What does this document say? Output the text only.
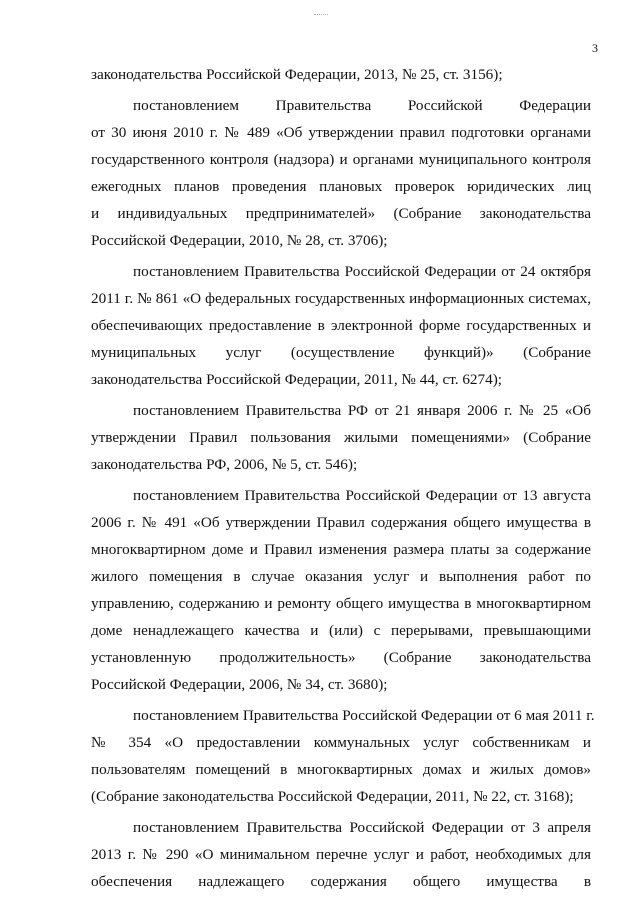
3
законодательства Российской Федерации, 2013, № 25, ст. 3156);
постановлением Правительства Российской Федерации
от 30 июня 2010 г. № 489 «Об утверждении правил подготовки органами
государственного контроля (надзора) и органами муниципального контроля
ежегодных планов проведения плановых проверок юридических лиц
и индивидуальных предпринимателей» (Собрание законодательства
Российской Федерации, 2010, № 28, ст. 3706);
постановлением Правительства Российской Федерации от 24 октября
2011 г. № 861 «О федеральных государственных информационных системах,
обеспечивающих предоставление в электронной форме государственных и
муниципальных услуг (осуществление функций)» (Собрание
законодательства Российской Федерации, 2011, № 44, ст. 6274);
постановлением Правительства РФ от 21 января 2006 г. № 25 «Об
утверждении Правил пользования жилыми помещениями» (Собрание
законодательства РФ, 2006, № 5, ст. 546);
постановлением Правительства Российской Федерации от 13 августа
2006 г. № 491 «Об утверждении Правил содержания общего имущества в
многоквартирном доме и Правил изменения размера платы за содержание
жилого помещения в случае оказания услуг и выполнения работ по
управлению, содержанию и ремонту общего имущества в многоквартирном
доме ненадлежащего качества и (или) с перерывами, превышающими
установленную продолжительность» (Собрание законодательства
Российской Федерации, 2006, № 34, ст. 3680);
постановлением Правительства Российской Федерации от 6 мая 2011 г.
№ 354 «О предоставлении коммунальных услуг собственникам и
пользователям помещений в многоквартирных домах и жилых домов»
(Собрание законодательства Российской Федерации, 2011, № 22, ст. 3168);
постановлением Правительства Российской Федерации от 3 апреля
2013 г. № 290 «О минимальном перечне услуг и работ, необходимых для
обеспечения надлежащего содержания общего имущества в
